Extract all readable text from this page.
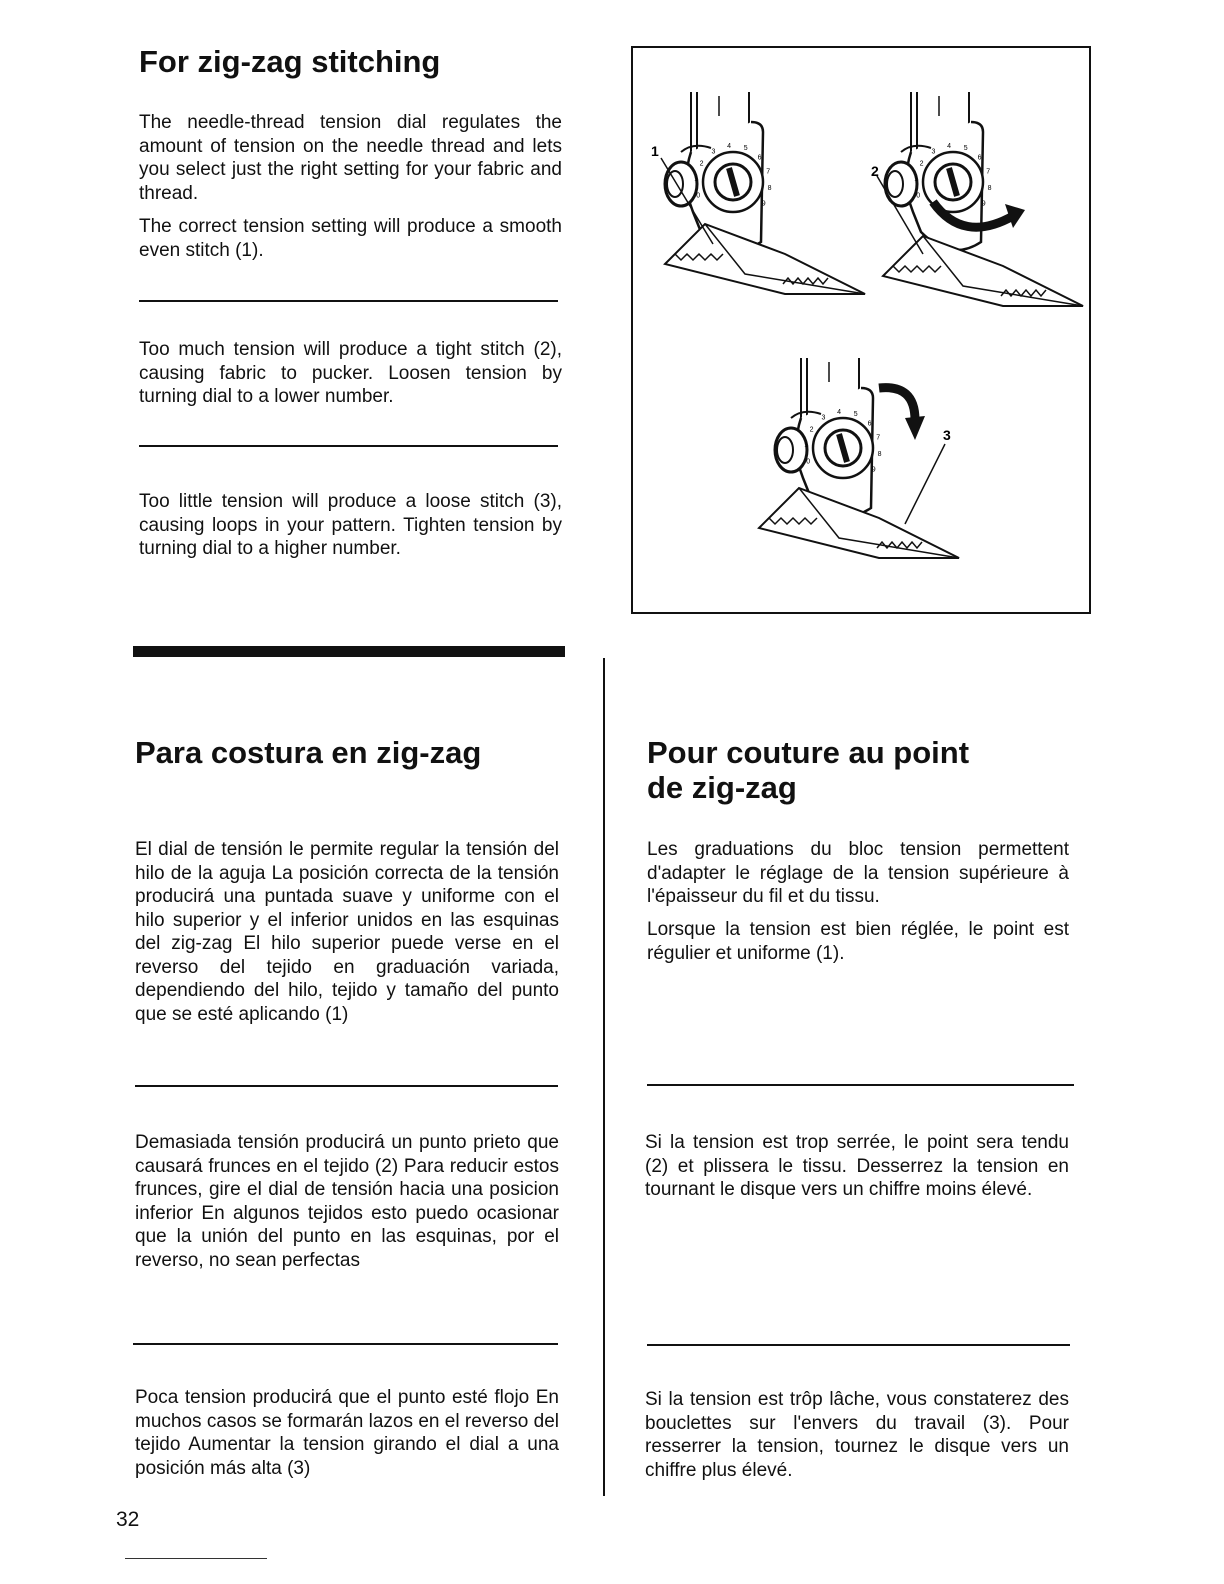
For zig-zag stitching

The needle-thread tension dial regulates the amount of tension on the needle thread and lets you select just the right setting for your fabric and thread.

The correct tension setting will produce a smooth even stitch (1).

Too much tension will produce a tight stitch (2), causing fabric to pucker. Loosen tension by turning dial to a lower number.

Too little tension will produce a loose stitch (3), causing loops in your pattern. Tighten tension by turning dial to a higher number.

1
2
3
0
1
2
3
4 5
6
7
8
9
0
1
2
3
4 5
6
7
8
9
0
1
2
3
4 5
6
7
8
9
Para costura en zig-zag

El dial de tensión le permite regular la tensión del hilo de la aguja La posición correcta de la tensión producirá una puntada suave y uniforme con el hilo superior y el inferior unidos en las esquinas del zig-zag El hilo superior puede verse en el reverso del tejido en graduación variada, dependiendo del hilo, tejido y tamaño del punto que se esté aplicando (1)

Demasiada tensión producirá un punto prieto que causará frunces en el tejido (2) Para reducir estos frunces, gire el dial de tensión hacia una posicion inferior En algunos tejidos esto puedo ocasionar que la unión del punto en las esquinas, por el reverso, no sean perfectas

Poca tension producirá que el punto esté flojo En muchos casos se formarán lazos en el reverso del tejido Aumentar la tension girando el dial a una posición más alta (3)

Pour couture au point
de zig-zag

Les graduations du bloc tension permettent d'adapter le réglage de la tension supérieure à l'épaisseur du fil et du tissu.

Lorsque la tension est bien réglée, le point est régulier et uniforme (1).

Si la tension est trop serrée, le point sera tendu (2) et plissera le tissu. Desserrez la tension en tournant le disque vers un chiffre moins élevé.

Si la tension est trôp lâche, vous constaterez des bouclettes sur l'envers du travail (3). Pour resserrer la tension, tournez le disque vers un chiffre plus élevé.

32
